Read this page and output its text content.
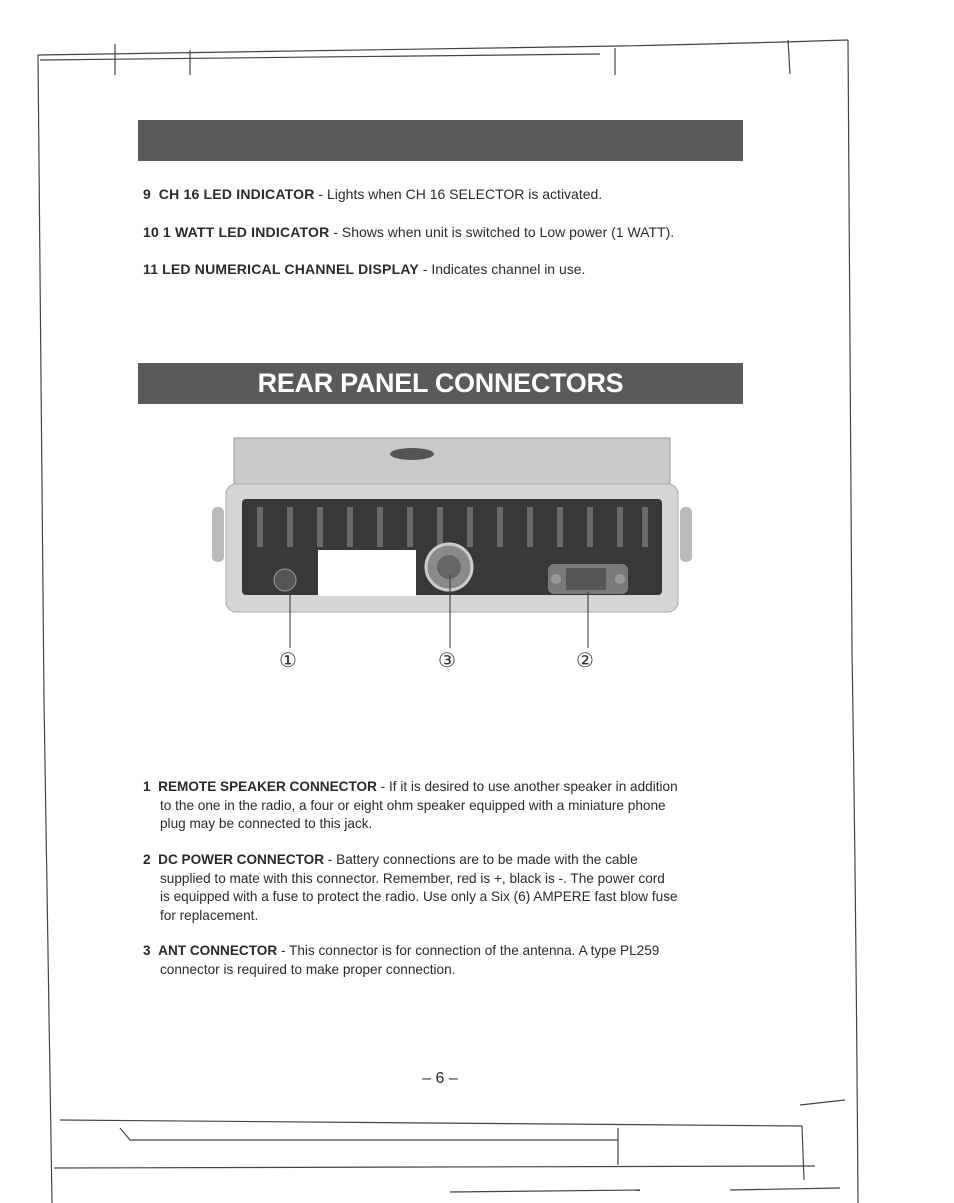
9 CH 16 LED INDICATOR - Lights when CH 16 SELECTOR is activated.
10 1 WATT LED INDICATOR - Shows when unit is switched to Low power (1 WATT).
11 LED NUMERICAL CHANNEL DISPLAY - Indicates channel in use.
REAR PANEL CONNECTORS
①	③	②
1 REMOTE SPEAKER CONNECTOR - If it is desired to use another speaker in addition
to the one in the radio, a four or eight ohm speaker equipped with a miniature phone
plug may be connected to this jack.
2 DC POWER CONNECTOR - Battery connections are to be made with the cable
supplied to mate with this connector. Remember, red is +, black is -. The power cord
is equipped with a fuse to protect the radio. Use only a Six (6) AMPERE fast blow fuse
for replacement.
3 ANT CONNECTOR - This connector is for connection of the antenna. A type PL259
connector is required to make proper connection.
– 6 –
